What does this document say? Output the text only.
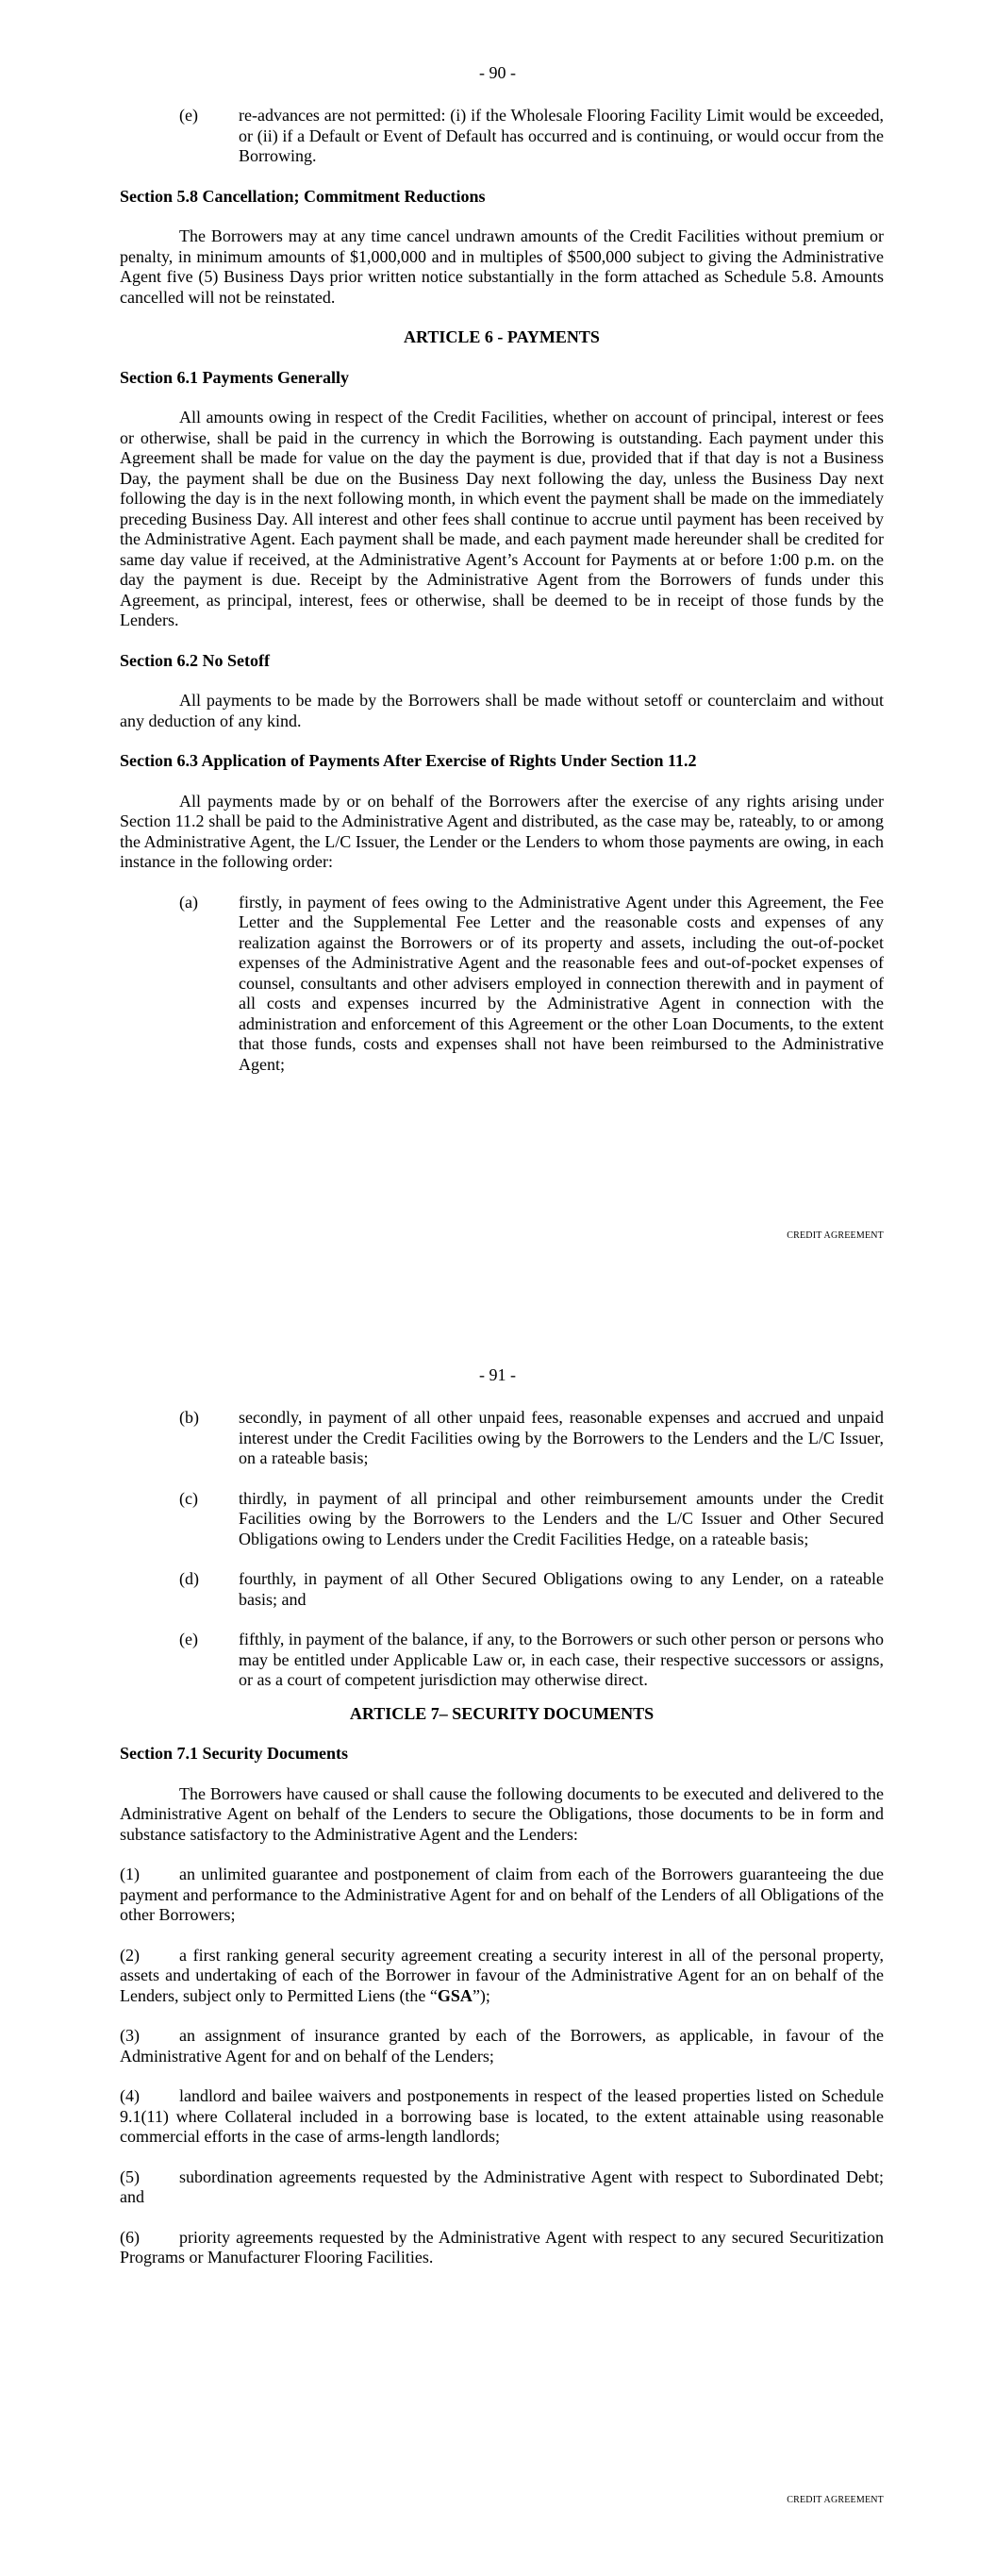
- 90 -
(e)	re-advances are not permitted: (i) if the Wholesale Flooring Facility Limit would be exceeded, or (ii) if a Default or Event of Default has occurred and is continuing, or would occur from the Borrowing.
Section 5.8 Cancellation; Commitment Reductions
The Borrowers may at any time cancel undrawn amounts of the Credit Facilities without premium or penalty, in minimum amounts of $1,000,000 and in multiples of $500,000 subject to giving the Administrative Agent five (5) Business Days prior written notice substantially in the form attached as Schedule 5.8. Amounts cancelled will not be reinstated.
ARTICLE 6 - PAYMENTS
Section 6.1 Payments Generally
All amounts owing in respect of the Credit Facilities, whether on account of principal, interest or fees or otherwise, shall be paid in the currency in which the Borrowing is outstanding. Each payment under this Agreement shall be made for value on the day the payment is due, provided that if that day is not a Business Day, the payment shall be due on the Business Day next following the day, unless the Business Day next following the day is in the next following month, in which event the payment shall be made on the immediately preceding Business Day. All interest and other fees shall continue to accrue until payment has been received by the Administrative Agent. Each payment shall be made, and each payment made hereunder shall be credited for same day value if received, at the Administrative Agent’s Account for Payments at or before 1:00 p.m. on the day the payment is due. Receipt by the Administrative Agent from the Borrowers of funds under this Agreement, as principal, interest, fees or otherwise, shall be deemed to be in receipt of those funds by the Lenders.
Section 6.2 No Setoff
All payments to be made by the Borrowers shall be made without setoff or counterclaim and without any deduction of any kind.
Section 6.3 Application of Payments After Exercise of Rights Under Section 11.2
All payments made by or on behalf of the Borrowers after the exercise of any rights arising under Section 11.2 shall be paid to the Administrative Agent and distributed, as the case may be, rateably, to or among the Administrative Agent, the L/C Issuer, the Lender or the Lenders to whom those payments are owing, in each instance in the following order:
(a)	firstly, in payment of fees owing to the Administrative Agent under this Agreement, the Fee Letter and the Supplemental Fee Letter and the reasonable costs and expenses of any realization against the Borrowers or of its property and assets, including the out-of-pocket expenses of the Administrative Agent and the reasonable fees and out-of-pocket expenses of counsel, consultants and other advisers employed in connection therewith and in payment of all costs and expenses incurred by the Administrative Agent in connection with the administration and enforcement of this Agreement or the other Loan Documents, to the extent that those funds, costs and expenses shall not have been reimbursed to the Administrative Agent;
CREDIT AGREEMENT
- 91 -
(b)	secondly, in payment of all other unpaid fees, reasonable expenses and accrued and unpaid interest under the Credit Facilities owing by the Borrowers to the Lenders and the L/C Issuer, on a rateable basis;
(c)	thirdly, in payment of all principal and other reimbursement amounts under the Credit Facilities owing by the Borrowers to the Lenders and the L/C Issuer and Other Secured Obligations owing to Lenders under the Credit Facilities Hedge, on a rateable basis;
(d)	fourthly, in payment of all Other Secured Obligations owing to any Lender, on a rateable basis; and
(e)	fifthly, in payment of the balance, if any, to the Borrowers or such other person or persons who may be entitled under Applicable Law or, in each case, their respective successors or assigns, or as a court of competent jurisdiction may otherwise direct.
ARTICLE 7– SECURITY DOCUMENTS
Section 7.1 Security Documents
The Borrowers have caused or shall cause the following documents to be executed and delivered to the Administrative Agent on behalf of the Lenders to secure the Obligations, those documents to be in form and substance satisfactory to the Administrative Agent and the Lenders:
(1) an unlimited guarantee and postponement of claim from each of the Borrowers guaranteeing the due payment and performance to the Administrative Agent for and on behalf of the Lenders of all Obligations of the other Borrowers;
(2) a first ranking general security agreement creating a security interest in all of the personal property, assets and undertaking of each of the Borrower in favour of the Administrative Agent for an on behalf of the Lenders, subject only to Permitted Liens (the “GSA”);
(3) an assignment of insurance granted by each of the Borrowers, as applicable, in favour of the Administrative Agent for and on behalf of the Lenders;
(4) landlord and bailee waivers and postponements in respect of the leased properties listed on Schedule 9.1(11) where Collateral included in a borrowing base is located, to the extent attainable using reasonable commercial efforts in the case of arms-length landlords;
(5) subordination agreements requested by the Administrative Agent with respect to Subordinated Debt; and
(6) priority agreements requested by the Administrative Agent with respect to any secured Securitization Programs or Manufacturer Flooring Facilities.
CREDIT AGREEMENT
